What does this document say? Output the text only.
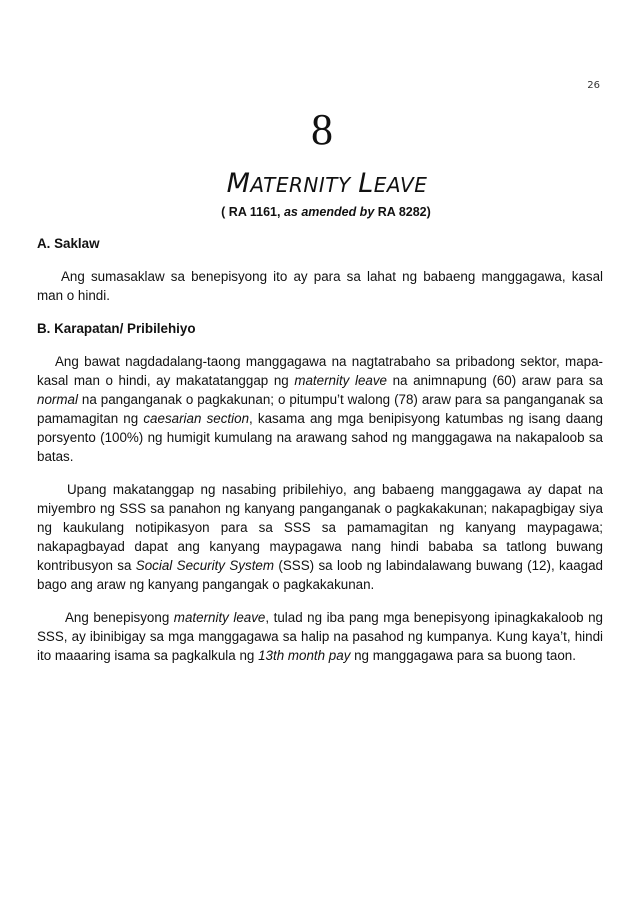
26
8
MATERNITY LEAVE
( RA 1161, as amended by RA 8282)
A. Saklaw

Ang sumasaklaw sa benepisyong ito ay para sa lahat ng babaeng manggagawa, kasal man o hindi.

B. Karapatan/ Pribilehiyo

Ang bawat nagdadalang-taong manggagawa na nagtatrabaho sa pribadong sektor, mapa-kasal man o hindi, ay makatatanggap ng maternity leave na animnapung (60) araw para sa normal na panganganak o pagkakunan; o pitumpu’t walong (78) araw para sa panganganak sa pamamagitan ng caesarian section, kasama ang mga benipisyong katumbas ng isang daang porsyento (100%) ng humigit kumulang na arawang sahod ng manggagawa na nakapaloob sa batas.

Upang makatanggap ng nasabing pribilehiyo, ang babaeng manggagawa ay dapat na miyembro ng SSS sa panahon ng kanyang panganganak o pagkakakunan; nakapagbigay siya ng kaukulang notipikasyon para sa SSS sa pamamagitan ng kanyang maypagawa; nakapagbayad dapat ang kanyang maypagawa nang hindi bababa sa tatlong buwang kontribusyon sa Social Security System (SSS) sa loob ng labindalawang buwang (12), kaagad bago ang araw ng kanyang pangangak o pagkakakunan.

Ang benepisyong maternity leave, tulad ng iba pang mga benepisyong ipinagkakaloob ng SSS, ay ibinibigay sa mga manggagawa sa halip na pasahod ng kumpanya. Kung kaya’t, hindi ito maaaring isama sa pagkalkula ng 13th month pay ng manggagawa para sa buong taon.
